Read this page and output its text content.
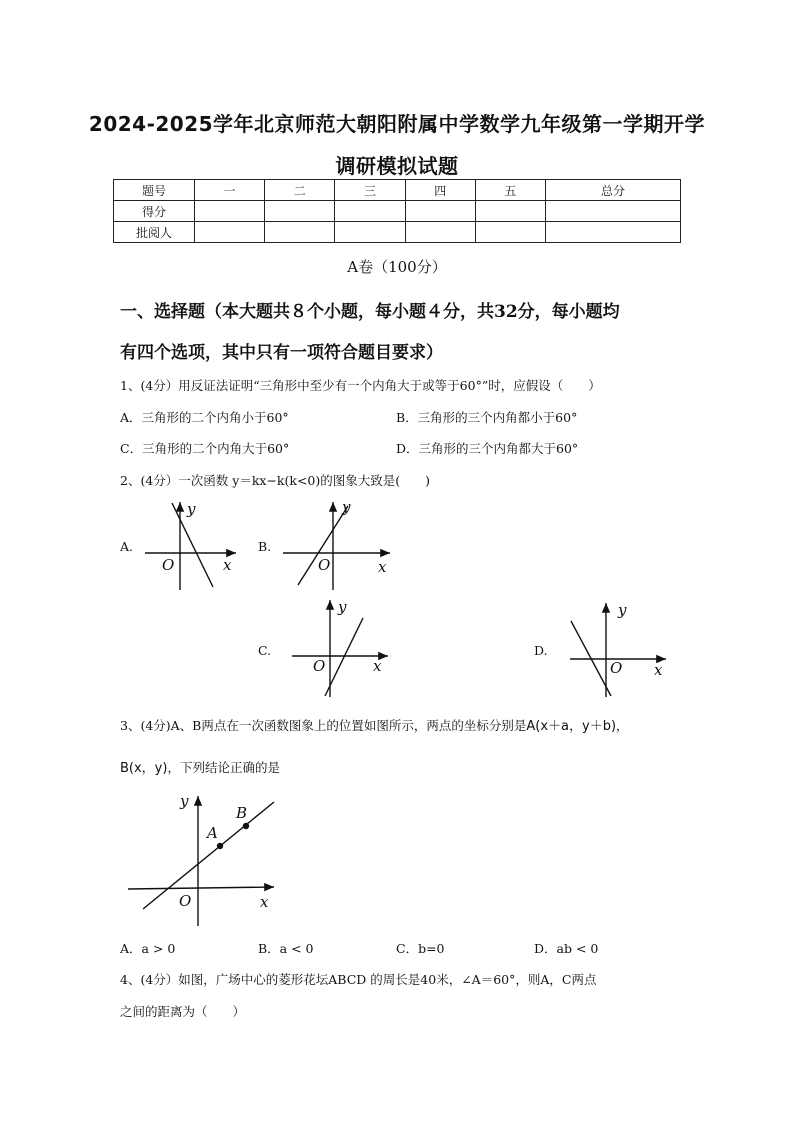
2024-2025学年北京师范大朝阳附属中学数学九年级第一学期开学
调研模拟试题
题号	一	二	三	四	五	总分
得分						
批阅人						
A卷（100分）
一、选择题（本大题共８个小题，每小题４分，共32分，每小题均
有四个选项，其中只有一项符合题目要求）
1、(4分）用反证法证明“三角形中至少有一个内角大于或等于60°”时，应假设（　　）
A．三角形的二个内角小于60°	B．三角形的三个内角都小于60°
C．三角形的二个内角大于60°	D．三角形的三个内角都大于60°
2、(4分）一次函数 y＝kx−k(k<0)的图象大致是(　　)
A.	B.
C.	D.
y
O	x
y
O	x
y
O	x
y
O x
y
O	x
A
B
3、(4分)A、B两点在一次函数图象上的位置如图所示，两点的坐标分别是A(x＋a，y＋b)，
B(x，y)，下列结论正确的是
A．a > 0	B．a < 0	C．b=0	D．ab < 0
4、(4分）如图，广场中心的菱形花坛ABCD 的周长是40米，∠A＝60°，则A，C两点
之间的距离为（　　）
